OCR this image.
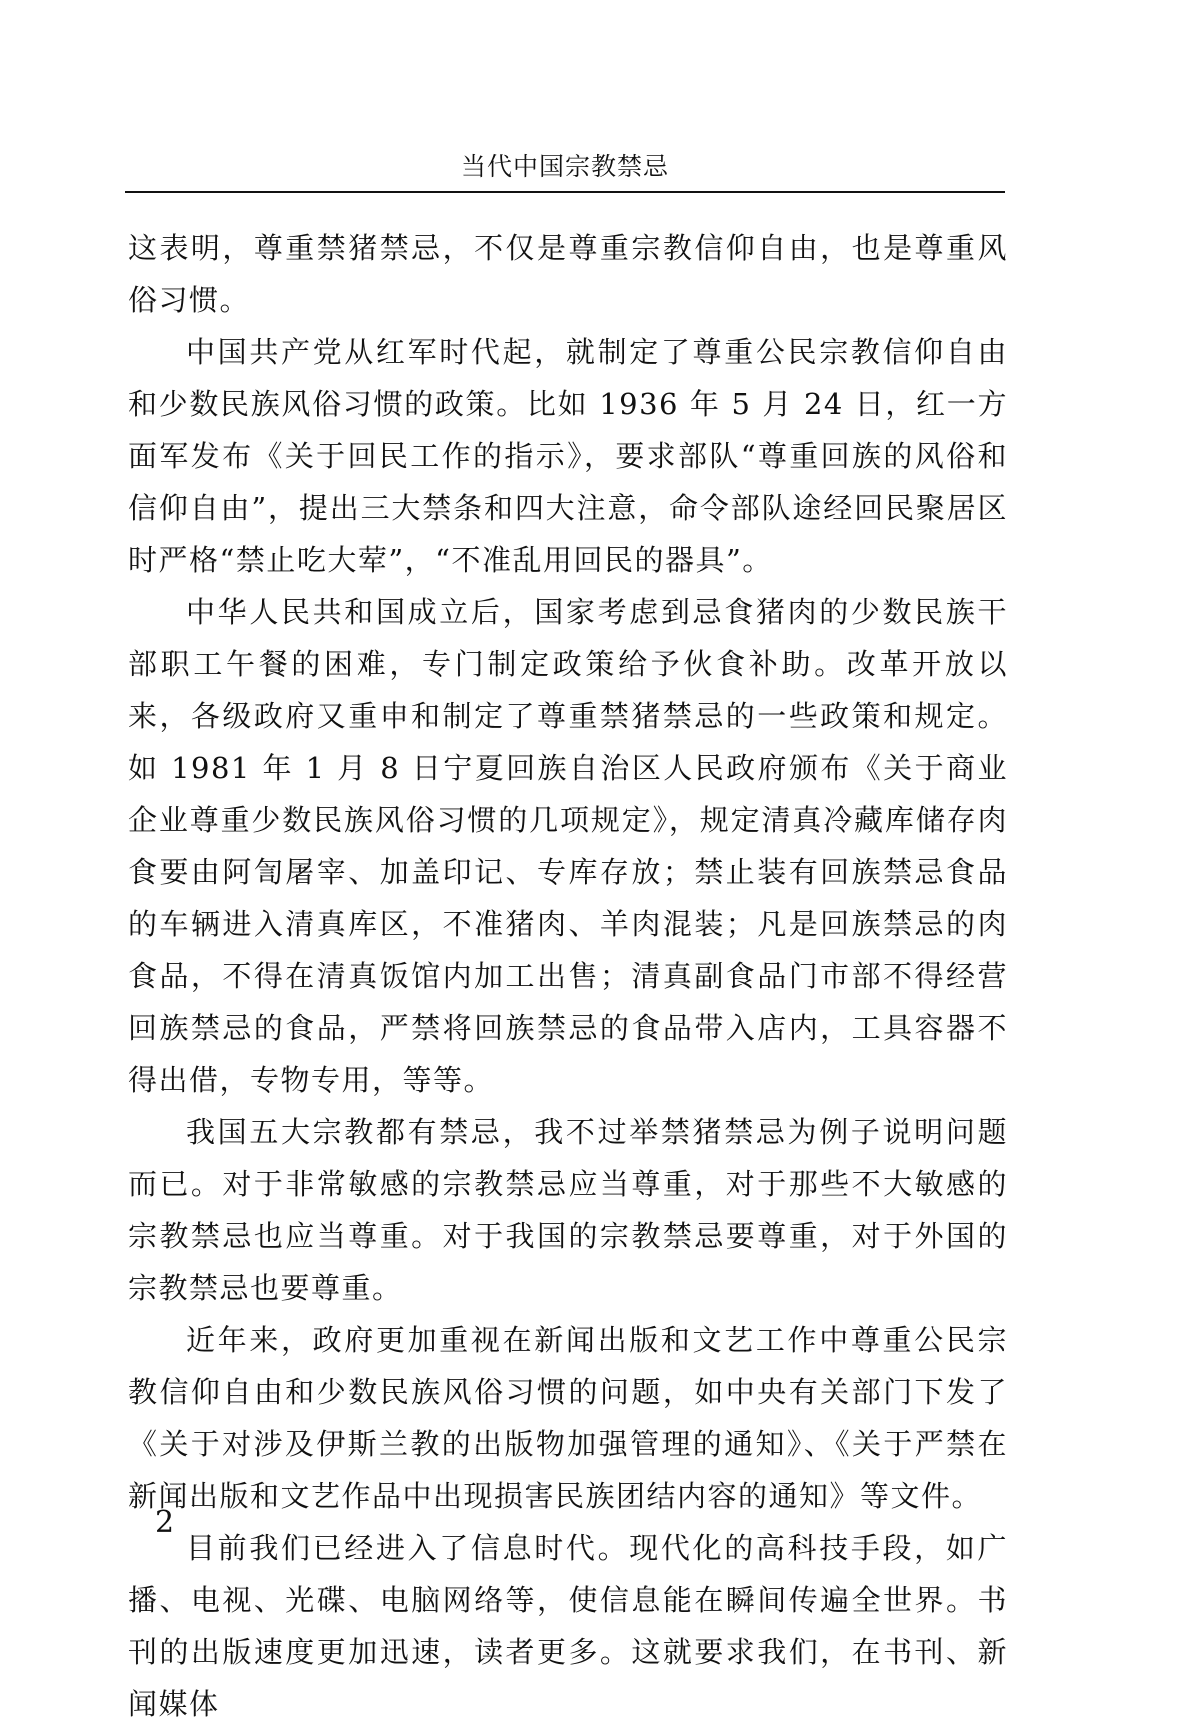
当代中国宗教禁忌

这表明，尊重禁猪禁忌，不仅是尊重宗教信仰自由，也是尊重风俗习惯。

中国共产党从红军时代起，就制定了尊重公民宗教信仰自由和少数民族风俗习惯的政策。比如 1936 年 5 月 24 日，红一方面军发布《关于回民工作的指示》，要求部队“尊重回族的风俗和信仰自由”，提出三大禁条和四大注意，命令部队途经回民聚居区时严格“禁止吃大荤”，“不准乱用回民的器具”。

中华人民共和国成立后，国家考虑到忌食猪肉的少数民族干部职工午餐的困难，专门制定政策给予伙食补助。改革开放以来，各级政府又重申和制定了尊重禁猪禁忌的一些政策和规定。如 1981 年 1 月 8 日宁夏回族自治区人民政府颁布《关于商业企业尊重少数民族风俗习惯的几项规定》，规定清真冷藏库储存肉食要由阿訇屠宰、加盖印记、专库存放；禁止装有回族禁忌食品的车辆进入清真库区，不准猪肉、羊肉混装；凡是回族禁忌的肉食品，不得在清真饭馆内加工出售；清真副食品门市部不得经营回族禁忌的食品，严禁将回族禁忌的食品带入店内，工具容器不得出借，专物专用，等等。

我国五大宗教都有禁忌，我不过举禁猪禁忌为例子说明问题而已。对于非常敏感的宗教禁忌应当尊重，对于那些不大敏感的宗教禁忌也应当尊重。对于我国的宗教禁忌要尊重，对于外国的宗教禁忌也要尊重。

近年来，政府更加重视在新闻出版和文艺工作中尊重公民宗教信仰自由和少数民族风俗习惯的问题，如中央有关部门下发了《关于对涉及伊斯兰教的出版物加强管理的通知》、《关于严禁在新闻出版和文艺作品中出现损害民族团结内容的通知》等文件。

目前我们已经进入了信息时代。现代化的高科技手段，如广播、电视、光碟、电脑网络等，使信息能在瞬间传遍全世界。书刊的出版速度更加迅速，读者更多。这就要求我们，在书刊、新闻媒体

2
